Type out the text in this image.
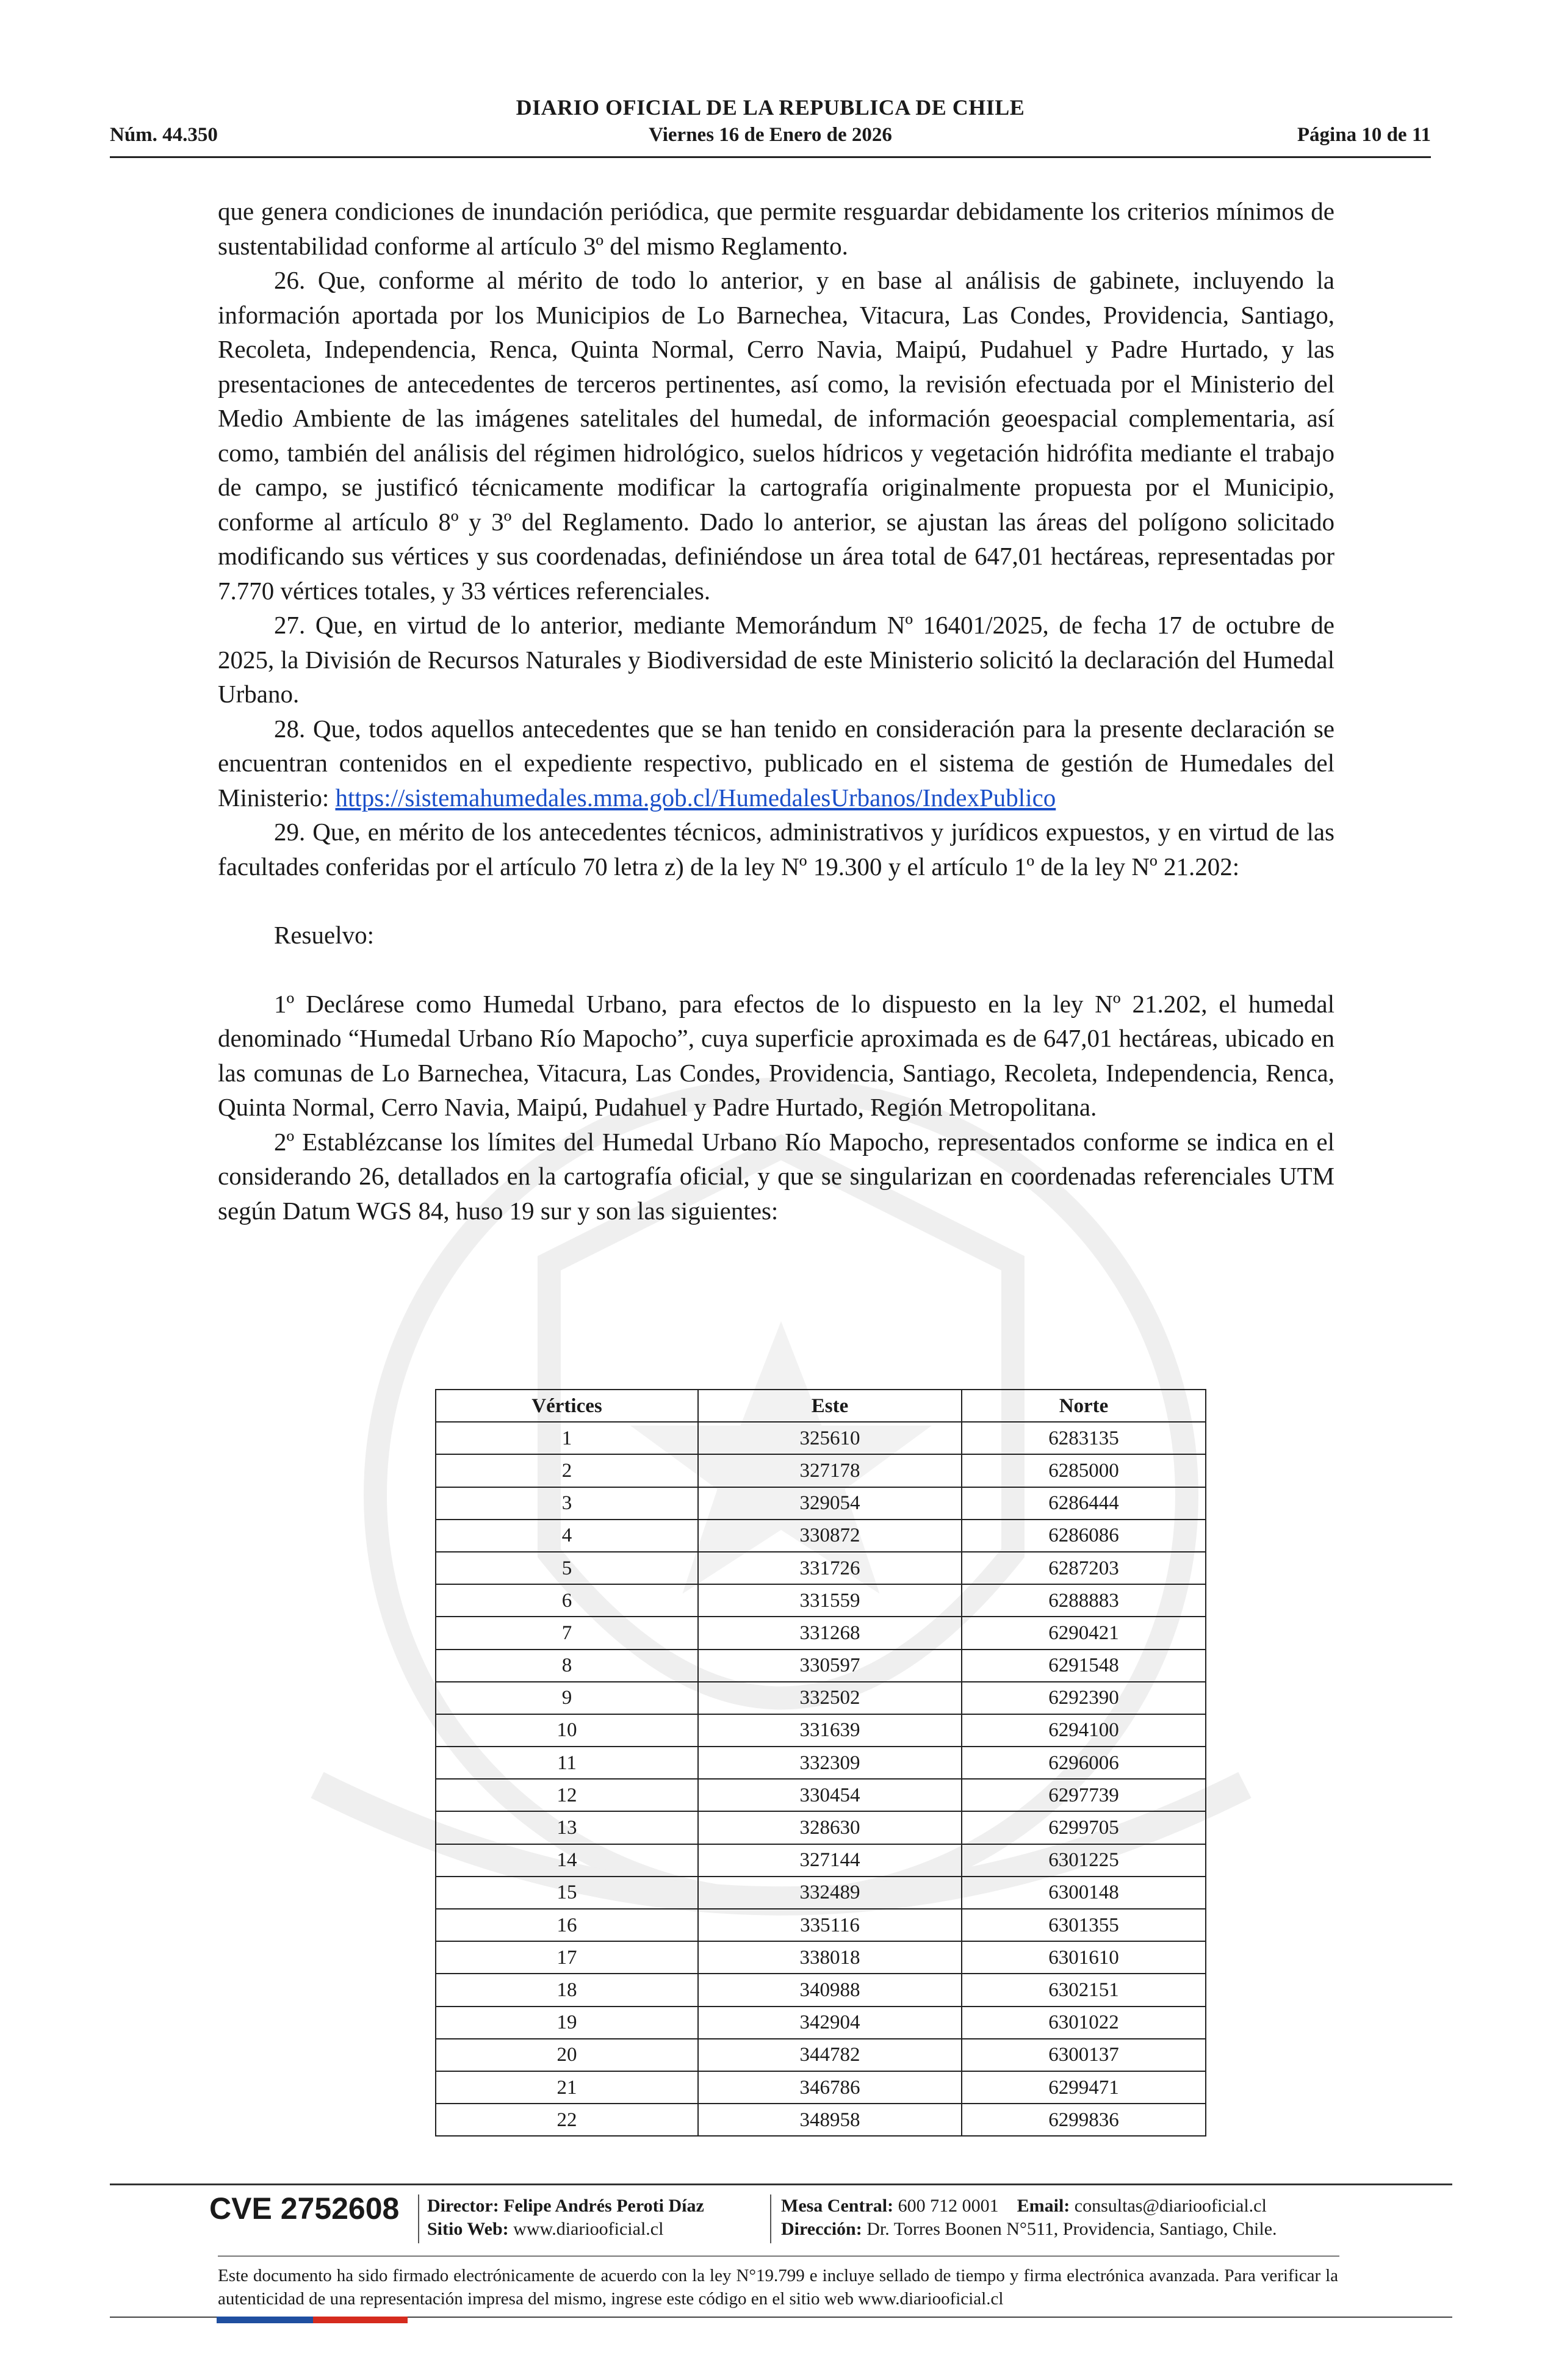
DIARIO OFICIAL DE LA REPUBLICA DE CHILE
Núm. 44.350	Viernes 16 de Enero de 2026	Página 10 de 11

que genera condiciones de inundación periódica, que permite resguardar debidamente los criterios mínimos de sustentabilidad conforme al artículo 3º del mismo Reglamento.

26. Que, conforme al mérito de todo lo anterior, y en base al análisis de gabinete, incluyendo la información aportada por los Municipios de Lo Barnechea, Vitacura, Las Condes, Providencia, Santiago, Recoleta, Independencia, Renca, Quinta Normal, Cerro Navia, Maipú, Pudahuel y Padre Hurtado, y las presentaciones de antecedentes de terceros pertinentes, así como, la revisión efectuada por el Ministerio del Medio Ambiente de las imágenes satelitales del humedal, de información geoespacial complementaria, así como, también del análisis del régimen hidrológico, suelos hídricos y vegetación hidrófita mediante el trabajo de campo, se justificó técnicamente modificar la cartografía originalmente propuesta por el Municipio, conforme al artículo 8º y 3º del Reglamento. Dado lo anterior, se ajustan las áreas del polígono solicitado modificando sus vértices y sus coordenadas, definiéndose un área total de 647,01 hectáreas, representadas por 7.770 vértices totales, y 33 vértices referenciales.

27. Que, en virtud de lo anterior, mediante Memorándum Nº 16401/2025, de fecha 17 de octubre de 2025, la División de Recursos Naturales y Biodiversidad de este Ministerio solicitó la declaración del Humedal Urbano.

28. Que, todos aquellos antecedentes que se han tenido en consideración para la presente declaración se encuentran contenidos en el expediente respectivo, publicado en el sistema de gestión de Humedales del Ministerio: https://sistemahumedales.mma.gob.cl/HumedalesUrbanos/IndexPublico

29. Que, en mérito de los antecedentes técnicos, administrativos y jurídicos expuestos, y en virtud de las facultades conferidas por el artículo 70 letra z) de la ley Nº 19.300 y el artículo 1º de la ley Nº 21.202:

Resuelvo:

1º Declárese como Humedal Urbano, para efectos de lo dispuesto en la ley Nº 21.202, el humedal denominado “Humedal Urbano Río Mapocho”, cuya superficie aproximada es de 647,01 hectáreas, ubicado en las comunas de Lo Barnechea, Vitacura, Las Condes, Providencia, Santiago, Recoleta, Independencia, Renca, Quinta Normal, Cerro Navia, Maipú, Pudahuel y Padre Hurtado, Región Metropolitana.

2º Establézcanse los límites del Humedal Urbano Río Mapocho, representados conforme se indica en el considerando 26, detallados en la cartografía oficial, y que se singularizan en coordenadas referenciales UTM según Datum WGS 84, huso 19 sur y son las siguientes:

Vértices	Este	Norte
1	325610	6283135
2	327178	6285000
3	329054	6286444
4	330872	6286086
5	331726	6287203
6	331559	6288883
7	331268	6290421
8	330597	6291548
9	332502	6292390
10	331639	6294100
11	332309	6296006
12	330454	6297739
13	328630	6299705
14	327144	6301225
15	332489	6300148
16	335116	6301355
17	338018	6301610
18	340988	6302151
19	342904	6301022
20	344782	6300137
21	346786	6299471
22	348958	6299836
CVE 2752608 Director: Felipe Andrés Peroti Díaz
Sitio Web: www.diariooficial.cl
Mesa Central: 600 712 0001 Email: consultas@diariooficial.cl
Dirección: Dr. Torres Boonen N°511, Providencia, Santiago, Chile.
Este documento ha sido firmado electrónicamente de acuerdo con la ley N°19.799 e incluye sellado de tiempo y firma electrónica avanzada. Para verificar la autenticidad de una representación impresa del mismo, ingrese este código en el sitio web www.diariooficial.cl
